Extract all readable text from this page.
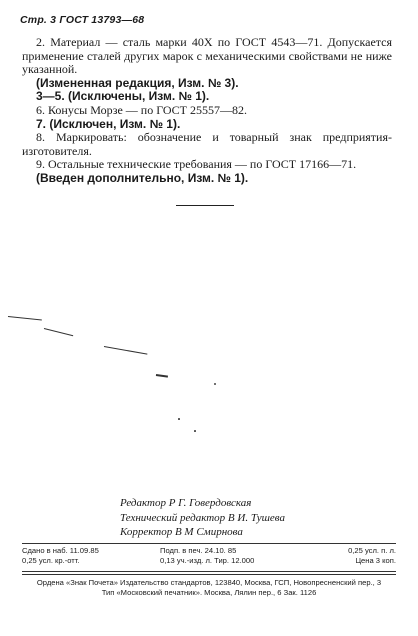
Стр. 3 ГОСТ 13793—68

2. Материал — сталь марки 40Х по ГОСТ 4543—71. Допускается применение сталей других марок с механическими свойствами не ниже указанной.

(Измененная редакция, Изм. № 3).

3—5. (Исключены, Изм. № 1).

6. Конусы Морзе — по ГОСТ 25557—82.

7. (Исключен, Изм. № 1).

8. Маркировать: обозначение и товарный знак предприятия-изготовителя.

9. Остальные технические требования — по ГОСТ 17166—71.

(Введен дополнительно, Изм. № 1).

Редактор Р Г. Говердовская
Технический редактор В И. Тушева
Корректор В М Смирнова
Сдано в наб. 11.09.85	Подп. в печ. 24.10. 85	0,25 усл. п. л.
0,25 усл. кр.-отт.	0,13 уч.-изд. л. Тир. 12.000	Цена 3 коп.
Ордена «Знак Почета» Издательство стандартов, 123840, Москва, ГСП, Новопресненский пер., 3
Тип «Московский печатник». Москва, Лялин пер., 6 Зак. 1126
